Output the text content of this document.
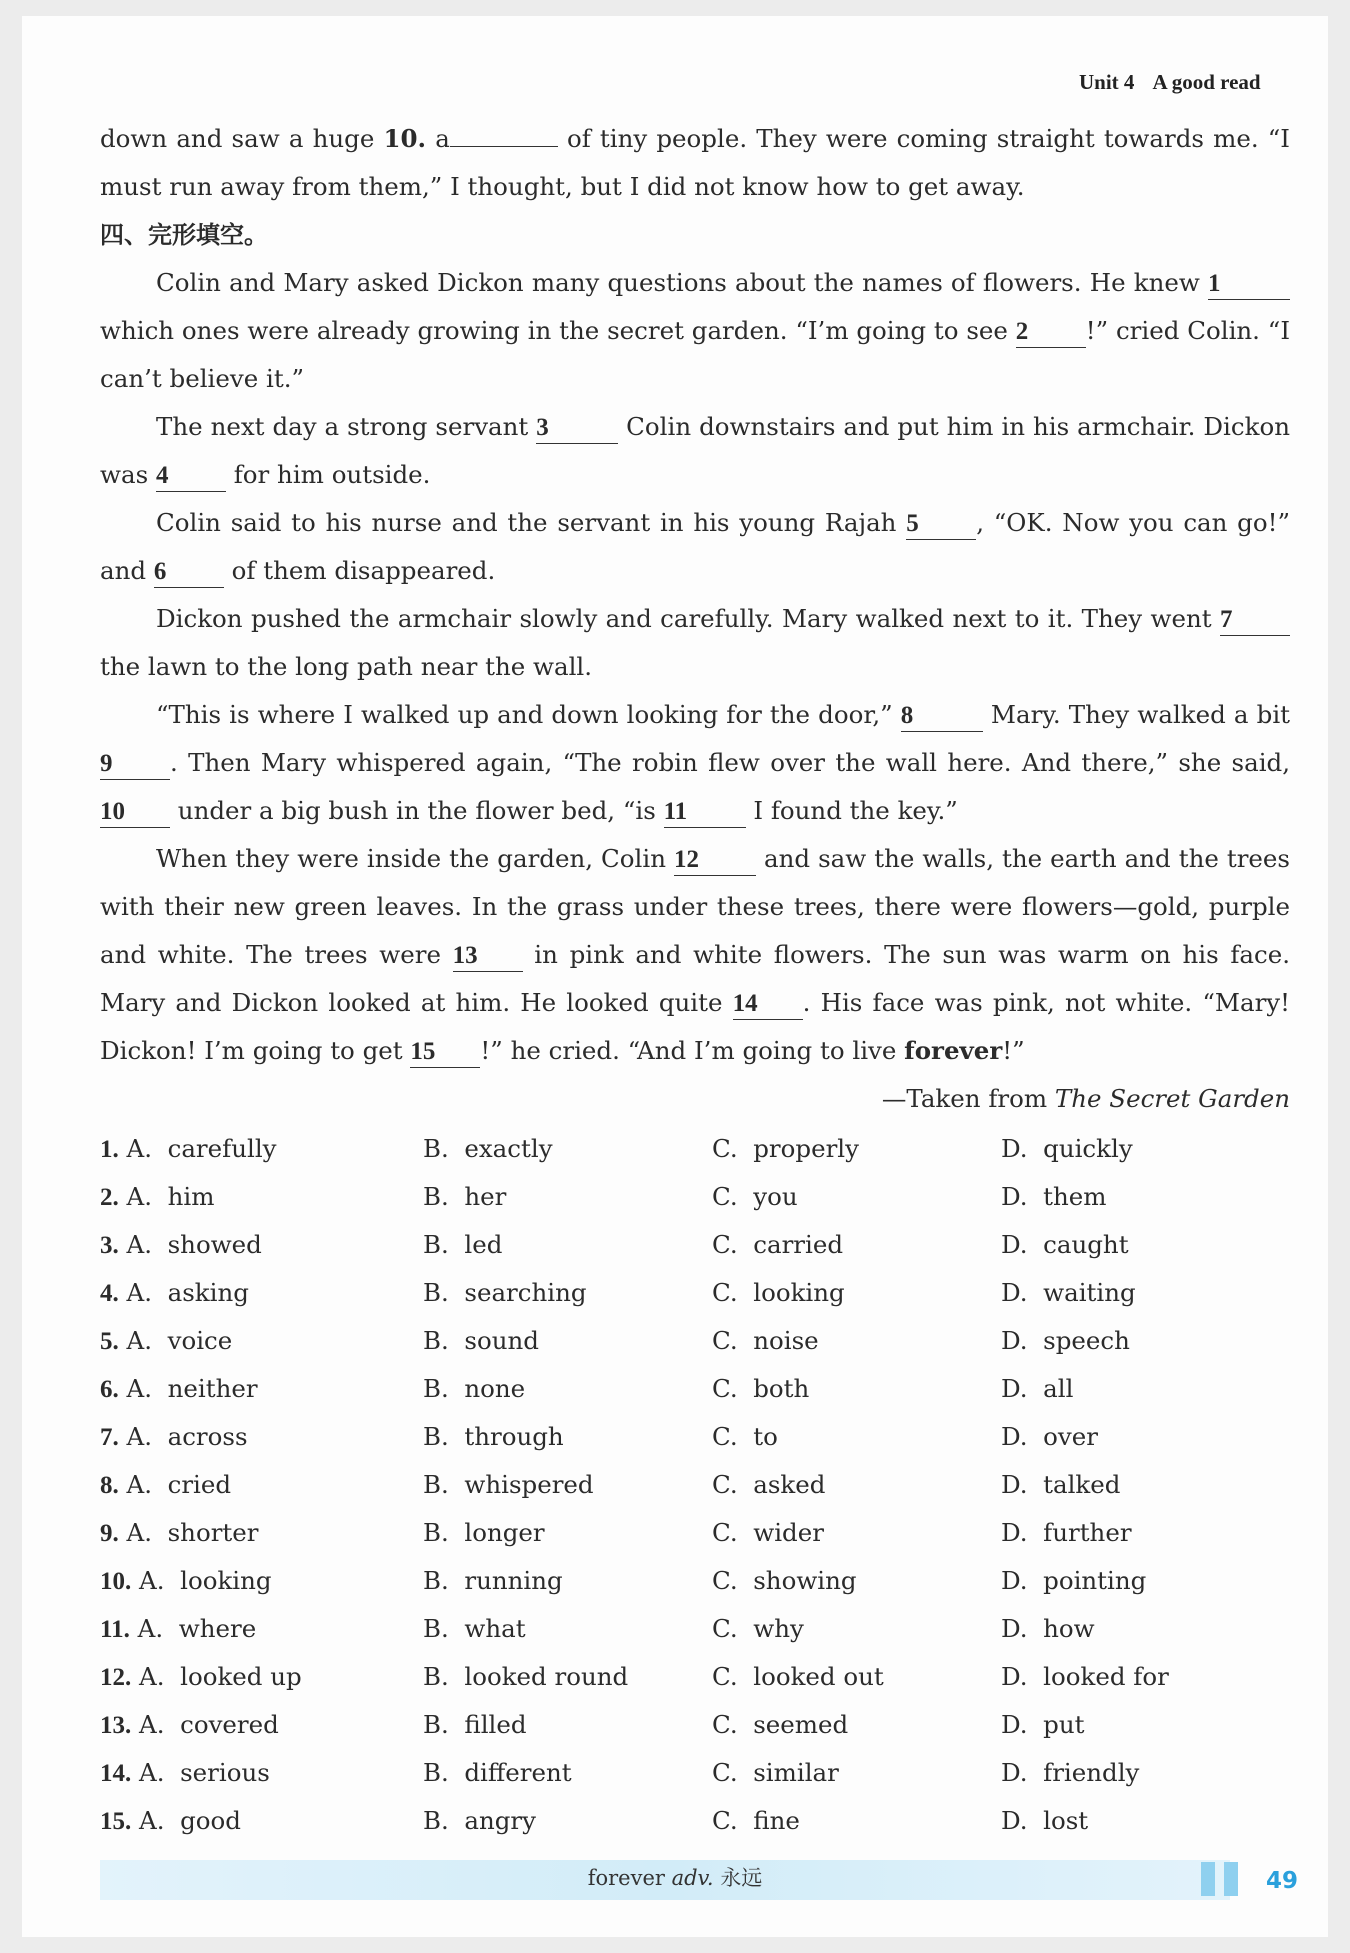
Unit 4 A good read

down and saw a huge 10. a	of tiny people. They were coming straight towards me. “I must run away from them,” I thought, but I did not know how to get away.

四、完形填空。

Colin and Mary asked Dickon many questions about the names of flowers. He knew 1 which ones were already growing in the secret garden. “I’m going to see 2 !” cried Colin. “I can’t believe it.”

The next day a strong servant 3	Colin downstairs and put him in his armchair. Dickon was 4 for him outside.

Colin said to his nurse and the servant in his young Rajah 5 , “OK. Now you can go!” and 6 of them disappeared.

Dickon pushed the armchair slowly and carefully. Mary walked next to it. They went 7 the lawn to the long path near the wall.

“This is where I walked up and down looking for the door,” 8	Mary. They walked a bit 9 . Then Mary whispered again, “The robin flew over the wall here. And there,” she said, 10 under a big bush in the flower bed, “is 11 I found the key.”

When they were inside the garden, Colin 12 and saw the walls, the earth and the trees with their new green leaves. In the grass under these trees, there were flowers—gold, purple and white. The trees were 13 in pink and white flowers. The sun was warm on his face. Mary and Dickon looked at him. He looked quite 14 . His face was pink, not white. “Mary! Dickon! I’m going to get 15 !” he cried. “And I’m going to live forever!”

—Taken from The Secret Garden

1. A.  carefully	B.  exactly	C.  properly	D.  quickly
2. A.  him	B.  her	C.  you	D.  them
3. A.  showed	B.  led	C.  carried	D.  caught
4. A.  asking	B.  searching	C.  looking	D.  waiting
5. A.  voice	B.  sound	C.  noise	D.  speech
6. A.  neither	B.  none	C.  both	D.  all
7. A.  across	B.  through	C.  to	D.  over
8. A.  cried	B.  whispered	C.  asked	D.  talked
9. A.  shorter	B.  longer	C.  wider	D.  further
10. A.  looking	B.  running	C.  showing	D.  pointing
11. A.  where	B.  what	C.  why	D.  how
12. A.  looked up	B.  looked round	C.  looked out	D.  looked for
13. A.  covered	B.  filled	C.  seemed	D.  put
14. A.  serious	B.  different	C.  similar	D.  friendly
15. A.  good	B.  angry	C.  fine	D.  lost
forever adv. 永远	49
